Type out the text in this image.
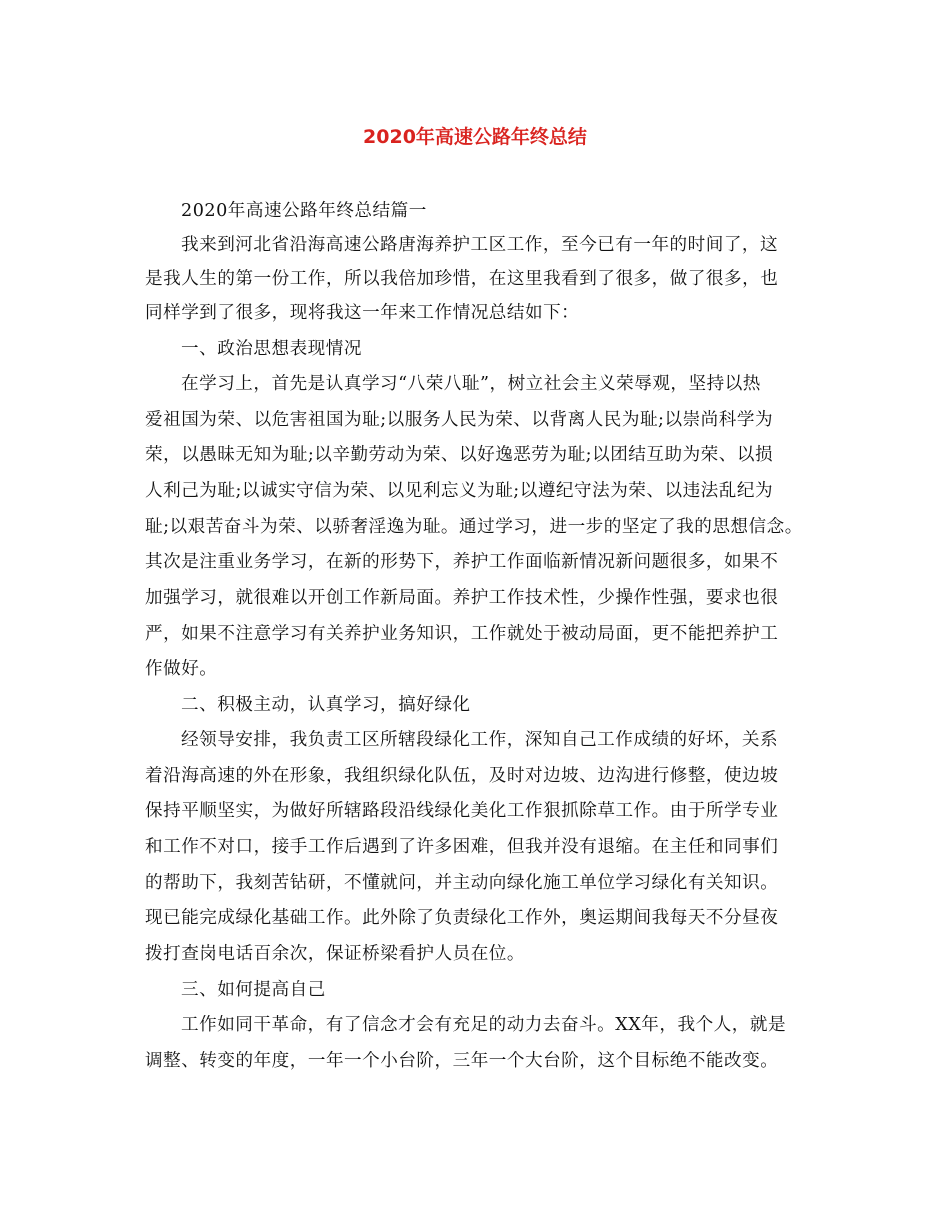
2020年高速公路年终总结
2020年高速公路年终总结篇一
我来到河北省沿海高速公路唐海养护工区工作，至今已有一年的时间了，这
是我人生的第一份工作，所以我倍加珍惜，在这里我看到了很多，做了很多，也
同样学到了很多，现将我这一年来工作情况总结如下：
一、政治思想表现情况
在学习上，首先是认真学习“八荣八耻”，树立社会主义荣辱观，坚持以热
爱祖国为荣、以危害祖国为耻;以服务人民为荣、以背离人民为耻;以崇尚科学为
荣，以愚昧无知为耻;以辛勤劳动为荣、以好逸恶劳为耻;以团结互助为荣、以损
人利己为耻;以诚实守信为荣、以见利忘义为耻;以遵纪守法为荣、以违法乱纪为
耻;以艰苦奋斗为荣、以骄奢淫逸为耻。通过学习，进一步的坚定了我的思想信念。
其次是注重业务学习，在新的形势下，养护工作面临新情况新问题很多，如果不
加强学习，就很难以开创工作新局面。养护工作技术性，少操作性强，要求也很
严，如果不注意学习有关养护业务知识，工作就处于被动局面，更不能把养护工
作做好。
二、积极主动，认真学习，搞好绿化
经领导安排，我负责工区所辖段绿化工作，深知自己工作成绩的好坏，关系
着沿海高速的外在形象，我组织绿化队伍，及时对边坡、边沟进行修整，使边坡
保持平顺坚实，为做好所辖路段沿线绿化美化工作狠抓除草工作。由于所学专业
和工作不对口，接手工作后遇到了许多困难，但我并没有退缩。在主任和同事们
的帮助下，我刻苦钻研，不懂就问，并主动向绿化施工单位学习绿化有关知识。
现已能完成绿化基础工作。此外除了负责绿化工作外，奥运期间我每天不分昼夜
拨打查岗电话百余次，保证桥梁看护人员在位。
三、如何提高自己
工作如同干革命，有了信念才会有充足的动力去奋斗。XX年，我个人，就是
调整、转变的年度，一年一个小台阶，三年一个大台阶，这个目标绝不能改变。
